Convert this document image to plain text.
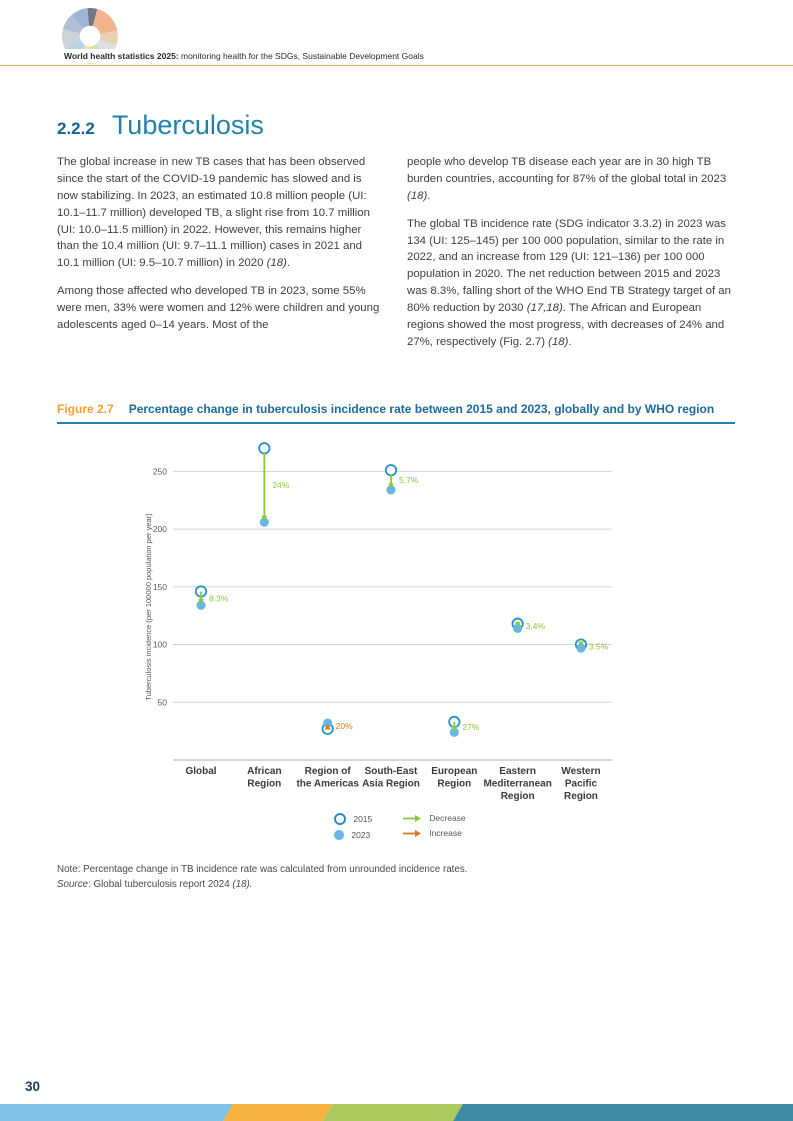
World health statistics 2025: monitoring health for the SDGs, Sustainable Development Goals
2.2.2 Tuberculosis

The global increase in new TB cases that has been observed since the start of the COVID-19 pandemic has slowed and is now stabilizing. In 2023, an estimated 10.8 million people (UI: 10.1–11.7 million) developed TB, a slight rise from 10.7 million (UI: 10.0–11.5 million) in 2022. However, this remains higher than the 10.4 million (UI: 9.7–11.1 million) cases in 2021 and 10.1 million (UI: 9.5–10.7 million) in 2020 (18).

Among those affected who developed TB in 2023, some 55% were men, 33% were women and 12% were children and young adolescents aged 0–14 years. Most of the

people who develop TB disease each year are in 30 high TB burden countries, accounting for 87% of the global total in 2023 (18).

The global TB incidence rate (SDG indicator 3.3.2) in 2023 was 134 (UI: 125–145) per 100 000 population, similar to the rate in 2022, and an increase from 129 (UI: 121–136) per 100 000 population in 2020. The net reduction between 2015 and 2023 was 8.3%, falling short of the WHO End TB Strategy target of an 80% reduction by 2030 (17,18). The African and European regions showed the most progress, with decreases of 24% and 27%, respectively (Fig. 2.7) (18).

Figure 2.7 Percentage change in tuberculosis incidence rate between 2015 and 2023, globally and by WHO region
50
100
150
200
250
Tuberculosis incidence (per 100000 population per year)	8.3%
Global
24%
African Region
20%
Region of the Americas
5.7%
South-East Asia Region
27%
European Region
3.4%
Eastern Mediterranean Region
3.5%
Western Pacific Region
2015
2023
Decrease
Increase

Note: Percentage change in TB incidence rate was calculated from unrounded incidence rates.

Source: Global tuberculosis report 2024 (18).

30
